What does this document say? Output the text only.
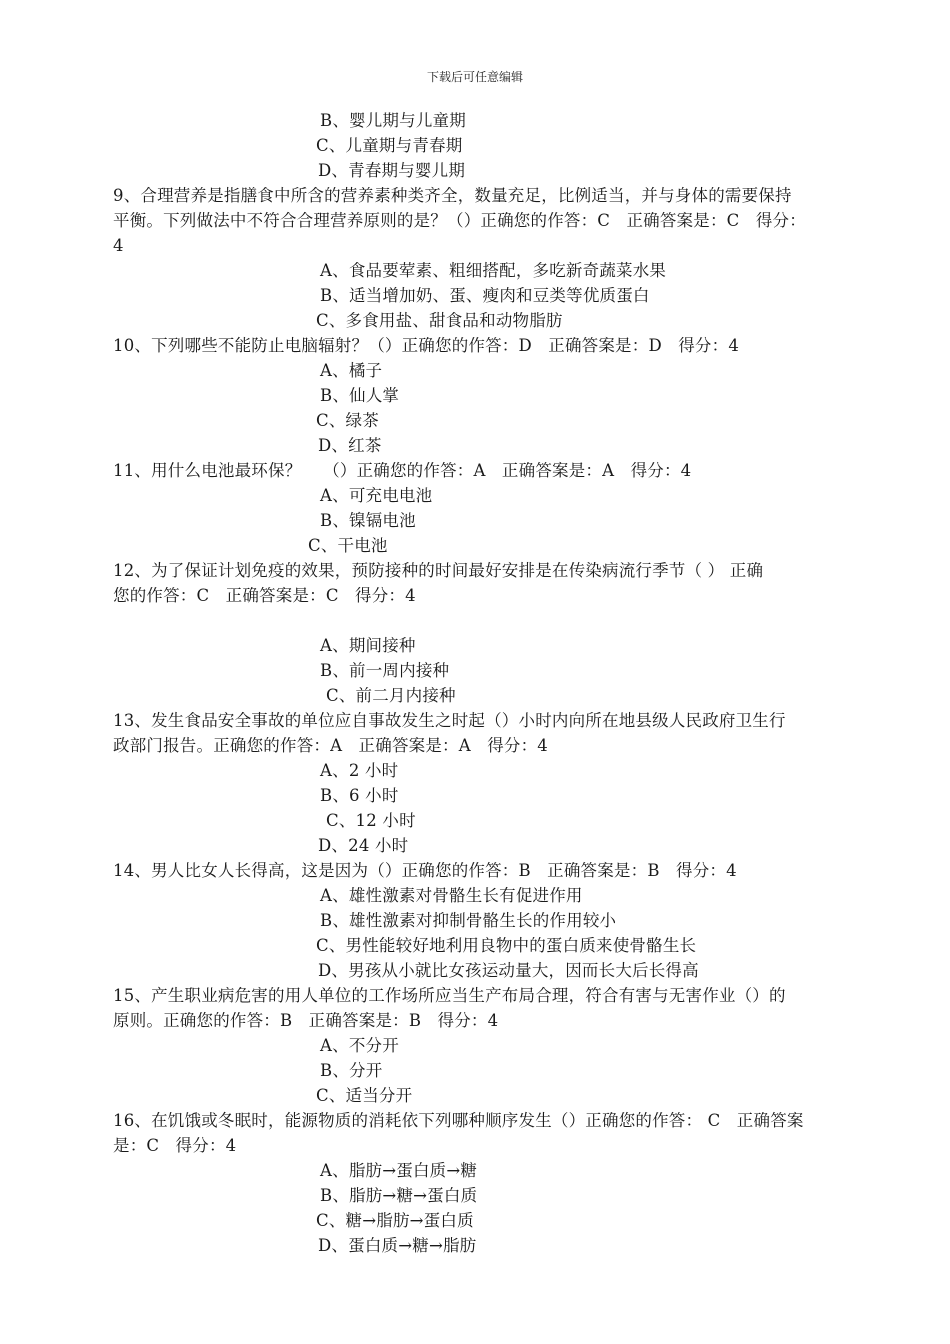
下载后可任意编辑
B、婴儿期与儿童期
C、儿童期与青春期
D、青春期与婴儿期
9、合理营养是指膳食中所含的营养素种类齐全，数量充足，比例适当，并与身体的需要保持
平衡。下列做法中不符合合理营养原则的是？（）正确您的作答：C   正确答案是：C   得分：
4
A、食品要荤素、粗细搭配，多吃新奇蔬菜水果
B、适当增加奶、蛋、瘦肉和豆类等优质蛋白
C、多食用盐、甜食品和动物脂肪
10、下列哪些不能防止电脑辐射？（）正确您的作答：D   正确答案是：D   得分：4
A、橘子
B、仙人掌
C、绿茶
D、红茶
11、用什么电池最环保？    （）正确您的作答：A   正确答案是：A   得分：4
A、可充电电池
B、镍镉电池
C、干电池
12、为了保证计划免疫的效果，预防接种的时间最好安排是在传染病流行季节（ ） 正确
您的作答：C   正确答案是：C   得分：4
A、期间接种
B、前一周内接种
C、前二月内接种
13、发生食品安全事故的单位应自事故发生之时起（）小时内向所在地县级人民政府卫生行
政部门报告。正确您的作答：A   正确答案是：A   得分：4
A、2 小时
B、6 小时
C、12 小时
D、24 小时
14、男人比女人长得高，这是因为（）正确您的作答：B   正确答案是：B   得分：4
A、雄性激素对骨骼生长有促进作用
B、雄性激素对抑制骨骼生长的作用较小
C、男性能较好地利用良物中的蛋白质来使骨骼生长
D、男孩从小就比女孩运动量大，因而长大后长得高
15、产生职业病危害的用人单位的工作场所应当生产布局合理，符合有害与无害作业（）的
原则。正确您的作答：B   正确答案是：B   得分：4
A、不分开
B、分开
C、适当分开
16、在饥饿或冬眠时，能源物质的消耗依下列哪种顺序发生（）正确您的作答： C   正确答案
是：C   得分：4
A、脂肪→蛋白质→糖
B、脂肪→糖→蛋白质
C、糖→脂肪→蛋白质
D、蛋白质→糖→脂肪
